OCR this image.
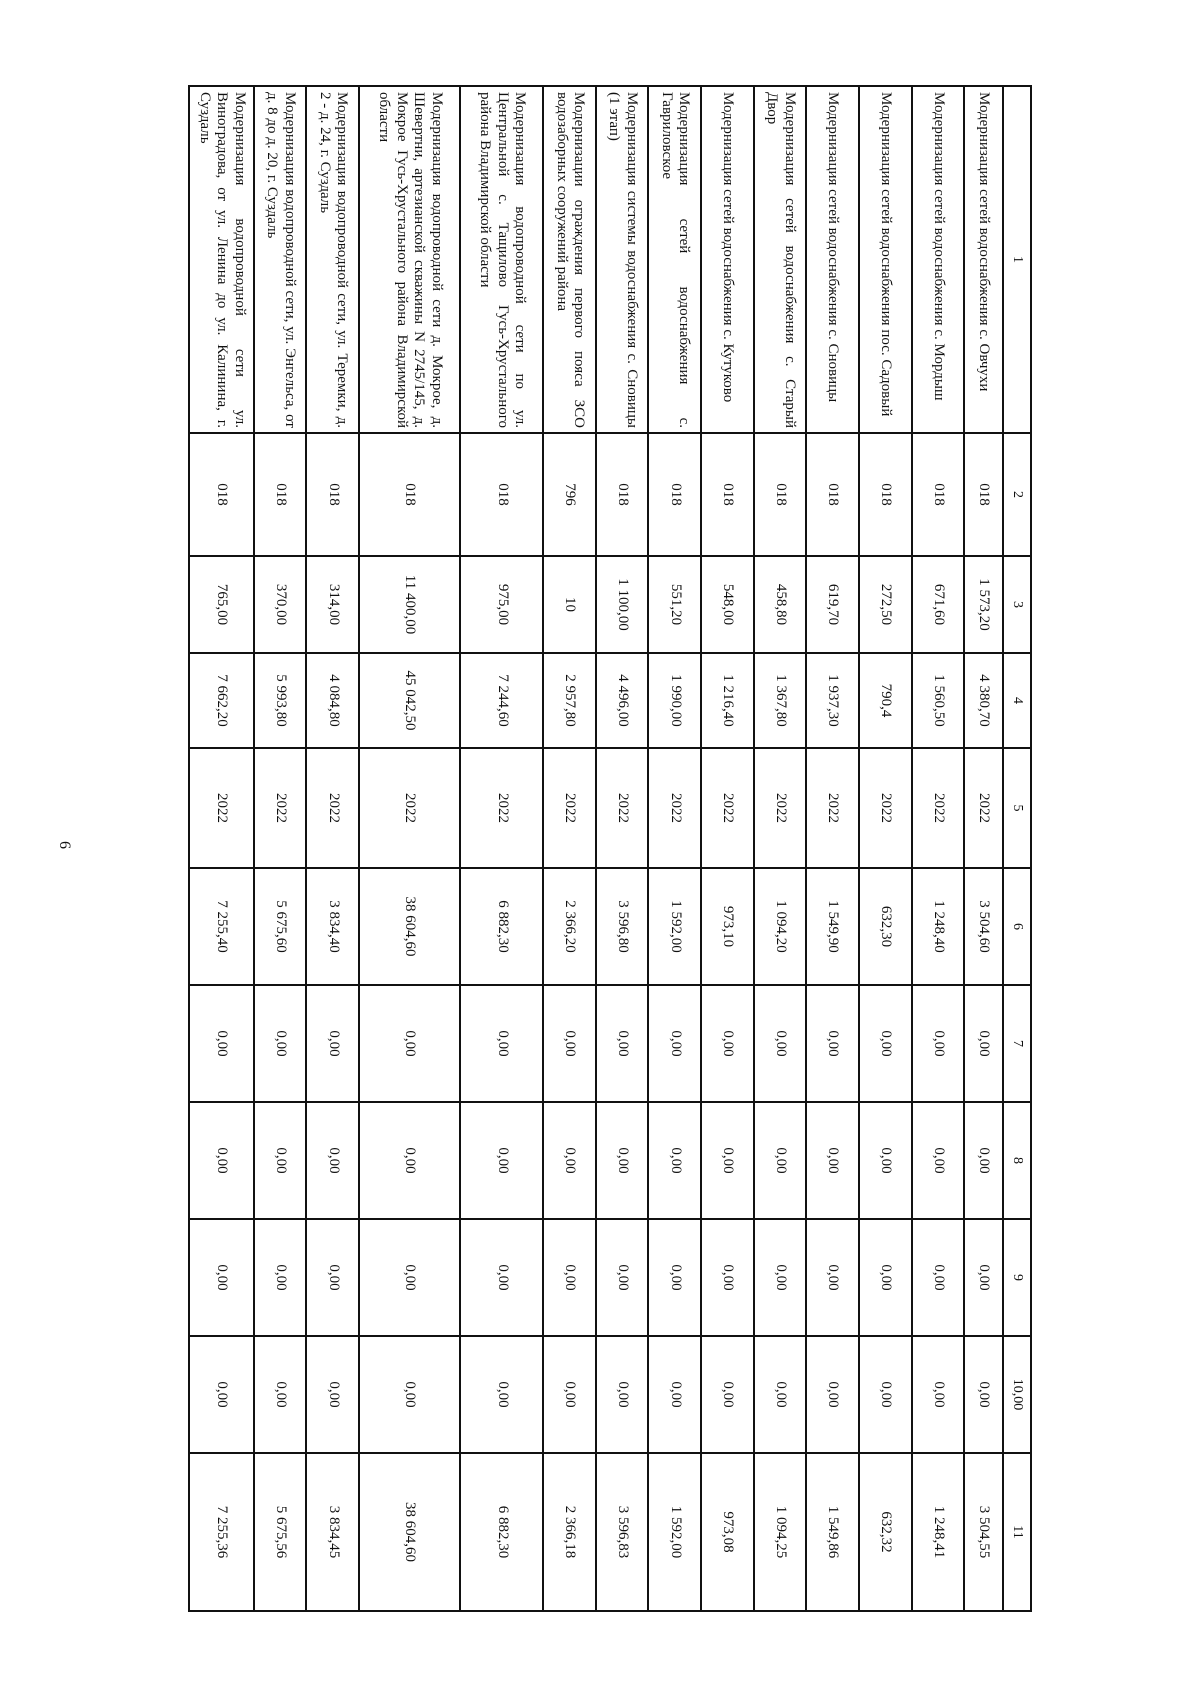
6
1	2	3	4	5	6	7	8	9	10,00	11

Модернизация сетей водоснабжения с. Овчухи	018	1 573,20	4 380,70	2022	3 504,60	0,00	0,00	0,00	0,00	3 504,55

Модернизация сетей водоснабжения с. Мордыш	018	671,60	1 560,50	2022	1 248,40	0,00	0,00	0,00	0,00	1 248,41

Модернизация сетей водоснабжения пос. Садовый	018	272,50	790,4	2022	632,30	0,00	0,00	0,00	0,00	632,32

Модернизация сетей водоснабжения с. Сновицы	018	619,70	1 937,30	2022	1 549,90	0,00	0,00	0,00	0,00	1 549,86

Модернизация сетей водоснабжения с. Старый Двор	018	458,80	1 367,80	2022	1 094,20	0,00	0,00	0,00	0,00	1 094,25

Модернизация сетей водоснабжения с. Кутуково	018	548,00	1 216,40	2022	973,10	0,00	0,00	0,00	0,00	973,08

Модернизация сетей водоснабжения с. Гавриловское	018	551,20	1 990,00	2022	1 592,00	0,00	0,00	0,00	0,00	1 592,00

Модернизация системы водоснабжения с. Сновицы (1 этап)	018	1 100,00	4 496,00	2022	3 596,80	0,00	0,00	0,00	0,00	3 596,83

Модернизации ограждения первого пояса ЗСО водозаборных сооружений района	796	10	2 957,80	2022	2 366,20	0,00	0,00	0,00	0,00	2 366,18

Модернизация водопроводной сети по ул. Центральной с. Тащилово Гусь-Хрустального района Владимирской области	018	975,00	7 244,60	2022	6 882,30	0,00	0,00	0,00	0,00	6 882,30

Модернизация водопроводной сети д. Мокрое, д. Шевертни, артезианской скважины N 2745/145, д. Мокрое Гусь-Хрустального района Владимирской области	018	11 400,00	45 042,50	2022	38 604,60	0,00	0,00	0,00	0,00	38 604,60

Модернизация водопроводной сети, ул. Теремки, д. 2 - д. 24, г. Суздаль	018	314,00	4 084,80	2022	3 834,40	0,00	0,00	0,00	0,00	3 834,45

Модернизация водопроводной сети, ул. Энгельса, от д. 8 до д. 20, г. Суздаль	018	370,00	5 993,80	2022	5 675,60	0,00	0,00	0,00	0,00	5 675,56

Модернизация водопроводной сети ул. Виноградова, от ул. Ленина до ул. Калинина, г. Суздаль	018	765,00	7 662,20	2022	7 255,40	0,00	0,00	0,00	0,00	7 255,36
